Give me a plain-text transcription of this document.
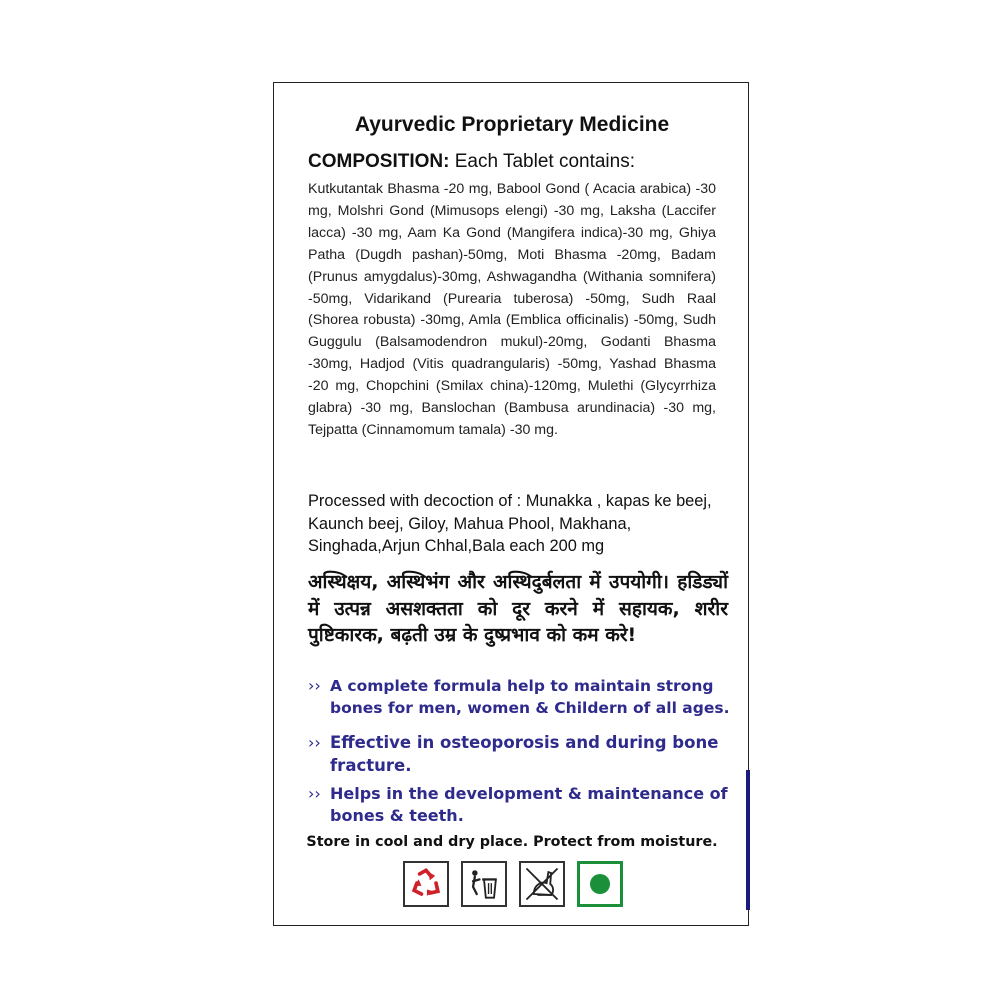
Ayurvedic Proprietary Medicine
COMPOSITION: Each Tablet contains:
Kutkutantak Bhasma -20 mg, Babool Gond ( Acacia arabica) -30 mg, Molshri Gond (Mimusops elengi) -30 mg, Laksha (Laccifer lacca) -30 mg, Aam Ka Gond (Mangifera indica)-30 mg, Ghiya Patha (Dugdh pashan)-50mg, Moti Bhasma -20mg, Badam (Prunus amygdalus)-30mg, Ashwagandha (Withania somnifera) -50mg, Vidarikand (Purearia tuberosa) -50mg, Sudh Raal (Shorea robusta) -30mg, Amla (Emblica officinalis) -50mg, Sudh Guggulu (Balsamodendron mukul)-20mg, Godanti Bhasma -30mg, Hadjod (Vitis quadrangularis) -50mg, Yashad Bhasma -20 mg, Chopchini (Smilax china)-120mg, Mulethi (Glycyrrhiza glabra) -30 mg, Banslochan (Bambusa arundinacia) -30 mg, Tejpatta (Cinnamomum tamala) -30 mg.
Processed with decoction of : Munakka , kapas ke beej, Kaunch beej, Giloy, Mahua Phool, Makhana, Singhada,Arjun Chhal,Bala each 200 mg
अस्थिक्षय, अस्थिभंग और अस्थिदुर्बलता में उपयोगी। हडिड्यों में उत्पन्न असशक्तता को दूर करने में सहायक, शरीर पुष्टिकारक, बढ़ती उम्र के दुष्प्रभाव को कम करे!
›› A complete formula help to maintain strong bones for men, women & Childern of all ages.
›› Effective in osteoporosis and during bone fracture.
›› Helps in the development & maintenance of bones & teeth.
Store in cool and dry place. Protect from moisture.
